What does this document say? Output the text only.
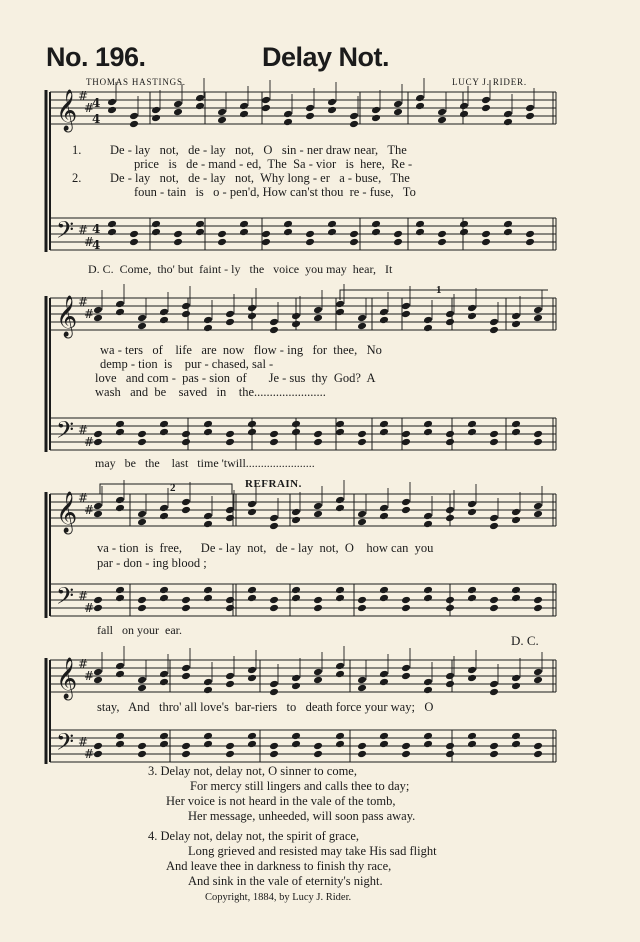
No. 196.	Delay Not.
THOMAS HASTINGS.	LUCY J. RIDER.
𝄞
𝄢
#
#
#
#
4
4
4
4
𝄞
𝄢
#
#
#
#
𝄞
𝄢
#
#
#
#
𝄞
𝄢
#
#
#
#
1. De - lay   not,   de - lay   not,   O   sin - ner draw near,   The
price   is   de - mand - ed,  The  Sa - vior   is  here,  Re -
2. De - lay   not,   de - lay   not,  Why long - er   a - buse,   The
foun - tain   is   o - pen'd, How can'st thou  re - fuse,   To
D. C.  Come,  tho' but  faint - ly   the   voice  you may  hear,   It
1
wa - ters   of    life   are  now   flow - ing   for  thee,   No
demp - tion  is    pur - chased, sal -
love   and com -  pas - sion  of       Je - sus  thy  God?  A
wash   and  be    saved   in    the.......................
may   be   the    last   time 'twill.......................
2	REFRAIN.
va - tion  is  free,      De - lay  not,   de - lay  not,  O    how can  you
par - don - ing blood ;
fall   on your  ear.
D. C.
stay,   And   thro' all love's  bar-riers   to   death force your way;   O
3. Delay not, delay not, O sinner to come,
For mercy still lingers and calls thee to day;
Her voice is not heard in the vale of the tomb,
Her message, unheeded, will soon pass away.
4. Delay not, delay not, the spirit of grace,
Long grieved and resisted may take His sad flight
And leave thee in darkness to finish thy race,
And sink in the vale of eternity's night.
Copyright, 1884, by Lucy J. Rider.
